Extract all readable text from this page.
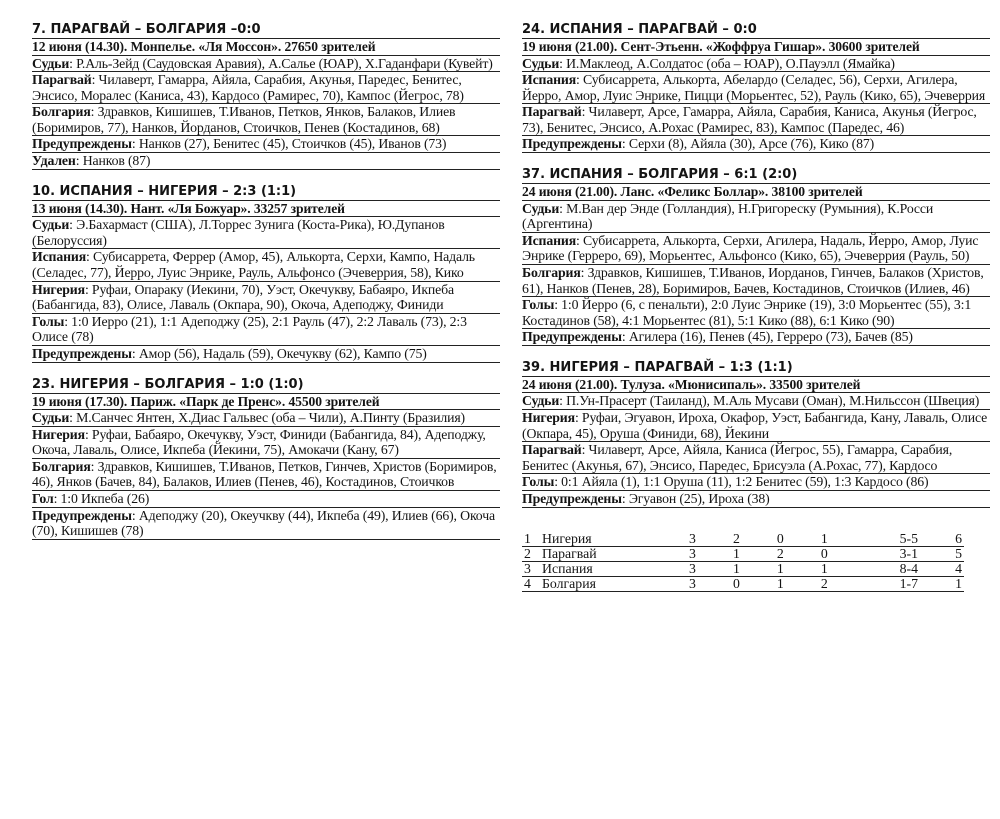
7. ПАРАГВАЙ – БОЛГАРИЯ –0:0
12 июня (14.30). Монпелье. «Ля Моссон». 27650 зрителей
Судьи: Р.Аль-Зейд (Саудовская Аравия), А.Салье (ЮАР), Х.Гаданфари (Кувейт)
Парагвай: Чилаверт, Гамарра, Айяла, Сарабия, Акунья, Паредес, Бенитес, Энсисо, Моралес (Каниса, 43), Кардосо (Рамирес, 70), Кампос (Йегрос, 78)
Болгария: Здравков, Кишишев, Т.Иванов, Петков, Янков, Балаков, Илиев (Боримиров, 77), Нанков, Йорданов, Стоичков, Пенев (Костадинов, 68)
Предупреждены: Нанков (27), Бенитес (45), Стоичков (45), Иванов (73)
Удален: Нанков (87)
10. ИСПАНИЯ – НИГЕРИЯ – 2:3 (1:1)
13 июня (14.30). Нант. «Ля Божуар». 33257 зрителей
Судьи: Э.Бахармаст (США), Л.Торрес Зунига (Коста-Рика), Ю.Дупанов (Белоруссия)
Испания: Субисаррета, Феррер (Амор, 45), Алькорта, Серхи, Кампо, Надаль (Селадес, 77), Йерро, Луис Энрике, Рауль, Альфонсо (Эчеверрия, 58), Кико
Нигерия: Руфаи, Опараку (Иекини, 70), Уэст, Окечукву, Бабаяро, Икпеба (Бабангида, 83), Олисе, Лаваль (Окпара, 90), Окоча, Адеподжу, Финиди
Голы: 1:0 Иерро (21), 1:1 Адеподжу (25), 2:1 Рауль (47), 2:2 Лаваль (73), 2:3 Олисе (78)
Предупреждены: Амор (56), Надаль (59), Окечукву (62), Кампо (75)
23. НИГЕРИЯ – БОЛГАРИЯ – 1:0 (1:0)
19 июня (17.30). Париж. «Парк де Пренс». 45500 зрителей
Судьи: М.Санчес Янтен, Х.Диас Гальвес (оба – Чили), А.Пинту (Бразилия)
Нигерия: Руфаи, Бабаяро, Окечукву, Уэст, Финиди (Бабангида, 84), Адеподжу, Окоча, Лаваль, Олисе, Икпеба (Йекини, 75), Амокачи (Кану, 67)
Болгария: Здравков, Кишишев, Т.Иванов, Петков, Гинчев, Христов (Боримиров, 46), Янков (Бачев, 84), Балаков, Илиев (Пенев, 46), Костадинов, Стоичков
Гол: 1:0 Икпеба (26)
Предупреждены: Адеподжу (20), Океучкву (44), Икпеба (49), Илиев (66), Окоча (70), Кишишев (78)
24. ИСПАНИЯ – ПАРАГВАЙ – 0:0
19 июня (21.00). Сент-Этьенн. «Жоффруа Гишар». 30600 зрителей
Судьи: И.Маклеод, А.Солдатос (оба – ЮАР), О.Пауэлл (Ямайка)
Испания: Субисаррета, Алькорта, Абелардо (Селадес, 56), Серхи, Агилера, Йерро, Амор, Луис Энрике, Пицци (Морьентес, 52), Рауль (Кико, 65), Эчеверрия
Парагвай: Чилаверт, Арсе, Гамарра, Айяла, Сарабия, Каниса, Акунья (Йегрос, 73), Бенитес, Энсисо, А.Рохас (Рамирес, 83), Кампос (Паредес, 46)
Предупреждены: Серхи (8), Айяла (30), Арсе (76), Кико (87)
37. ИСПАНИЯ – БОЛГАРИЯ – 6:1 (2:0)
24 июня (21.00). Ланс. «Феликс Боллар». 38100 зрителей
Судьи: М.Ван дер Энде (Голландия), Н.Григореску (Румыния), К.Росси (Аргентина)
Испания: Субисаррета, Алькорта, Серхи, Агилера, Надаль, Йерро, Амор, Луис Энрике (Герреро, 69), Морьентес, Альфонсо (Кико, 65), Эчеверрия (Рауль, 50)
Болгария: Здравков, Кишишев, Т.Иванов, Иорданов, Гинчев, Балаков (Христов, 61), Нанков (Пенев, 28), Боримиров, Бачев, Костадинов, Стоичков (Илиев, 46)
Голы: 1:0 Йерро (6, с пенальти), 2:0 Луис Энрике (19), 3:0 Морьентес (55), 3:1 Костадинов (58), 4:1 Морьентес (81), 5:1 Кико (88), 6:1 Кико (90)
Предупреждены: Агилера (16), Пенев (45), Герреро (73), Бачев (85)
39. НИГЕРИЯ – ПАРАГВАЙ – 1:3 (1:1)
24 июня (21.00). Тулуза. «Мюнисипаль». 33500 зрителей
Судьи: П.Ун-Прасерт (Таиланд), М.Аль Мусави (Оман), М.Нильссон (Швеция)
Нигерия: Руфаи, Эгуавон, Ироха, Окафор, Уэст, Бабангида, Кану, Лаваль, Олисе (Окпара, 45), Оруша (Финиди, 68), Йекини
Парагвай: Чилаверт, Арсе, Айяла, Каниса (Йегрос, 55), Гамарра, Сарабия, Бенитес (Акунья, 67), Энсисо, Паредес, Брисуэла (А.Рохас, 77), Кардосо
Голы: 0:1 Айяла (1), 1:1 Оруша (11), 1:2 Бенитес (59), 1:3 Кардосо (86)
Предупреждены: Эгуавон (25), Ироха (38)
1	Нигерия	3	2	0	1	5-5	6
2	Парагвай	3	1	2	0	3-1	5
3	Испания	3	1	1	1	8-4	4
4	Болгария	3	0	1	2	1-7	1
